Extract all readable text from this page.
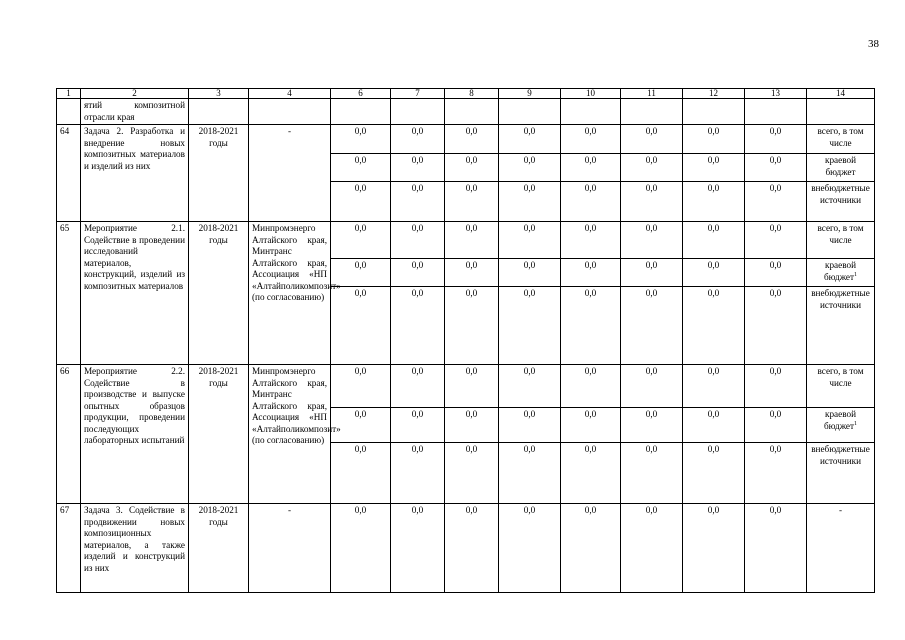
38
1	2	3	4	6	7	8	9	10	11	12	13	14
	ятий композитной отрасли края											
64	Задача 2. Разработка и внедрение новых композитных материалов и изделий из них	2018-2021 годы	-	0,0	0,0	0,0	0,0	0,0	0,0	0,0	0,0	всего, в том числе
				0,0	0,0	0,0	0,0	0,0	0,0	0,0	0,0	краевой бюджет
				0,0	0,0	0,0	0,0	0,0	0,0	0,0	0,0	внебюджетные источники
65	Мероприятие 2.1. Содействие в проведении исследований материалов, конструкций, изделий из композитных материалов	2018-2021 годы	Минпромэнерго Алтайского края, Минтранс Алтайского края, Ассоциация «НП «Алтайполикомпозит» (по согласованию)	0,0	0,0	0,0	0,0	0,0	0,0	0,0	0,0	всего, в том числе
				0,0	0,0	0,0	0,0	0,0	0,0	0,0	0,0	краевой бюджет$^1$
				0,0	0,0	0,0	0,0	0,0	0,0	0,0	0,0	внебюджетные источники
66	Мероприятие 2.2. Содействие в производстве и выпуске опытных образцов продукции, проведении последующих лабораторных испытаний	2018-2021 годы	Минпромэнерго Алтайского края, Минтранс Алтайского края, Ассоциация «НП «Алтайполикомпозит» (по согласованию)	0,0	0,0	0,0	0,0	0,0	0,0	0,0	0,0	всего, в том числе
				0,0	0,0	0,0	0,0	0,0	0,0	0,0	0,0	краевой бюджет$^1$
				0,0	0,0	0,0	0,0	0,0	0,0	0,0	0,0	внебюджетные источники
67	Задача 3. Содействие в продвижении новых композиционных материалов, а также изделий и конструкций из них	2018-2021 годы	-	0,0	0,0	0,0	0,0	0,0	0,0	0,0	0,0	-
